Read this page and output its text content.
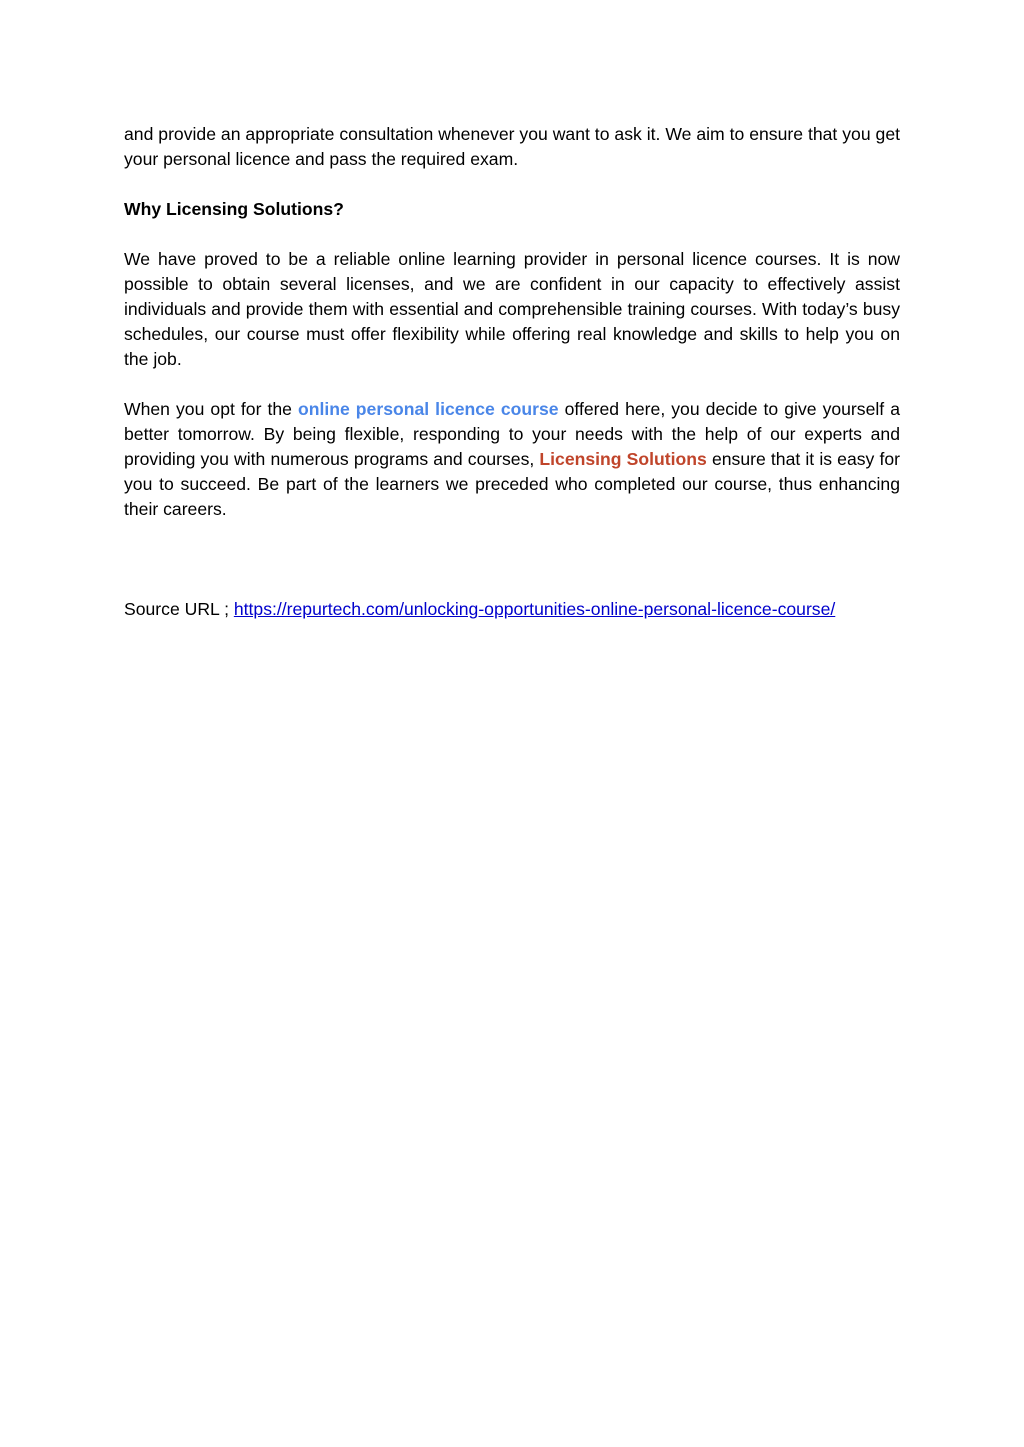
and provide an appropriate consultation whenever you want to ask it. We aim to ensure that you get your personal licence and pass the required exam.

Why Licensing Solutions?

We have proved to be a reliable online learning provider in personal licence courses. It is now possible to obtain several licenses, and we are confident in our capacity to effectively assist individuals and provide them with essential and comprehensible training courses. With today’s busy schedules, our course must offer flexibility while offering real knowledge and skills to help you on the job.

When you opt for the online personal licence course offered here, you decide to give yourself a better tomorrow. By being flexible, responding to your needs with the help of our experts and providing you with numerous programs and courses, Licensing Solutions ensure that it is easy for you to succeed. Be part of the learners we preceded who completed our course, thus enhancing their careers.

Source URL ; https://repurtech.com/unlocking-opportunities-online-personal-licence-course/
